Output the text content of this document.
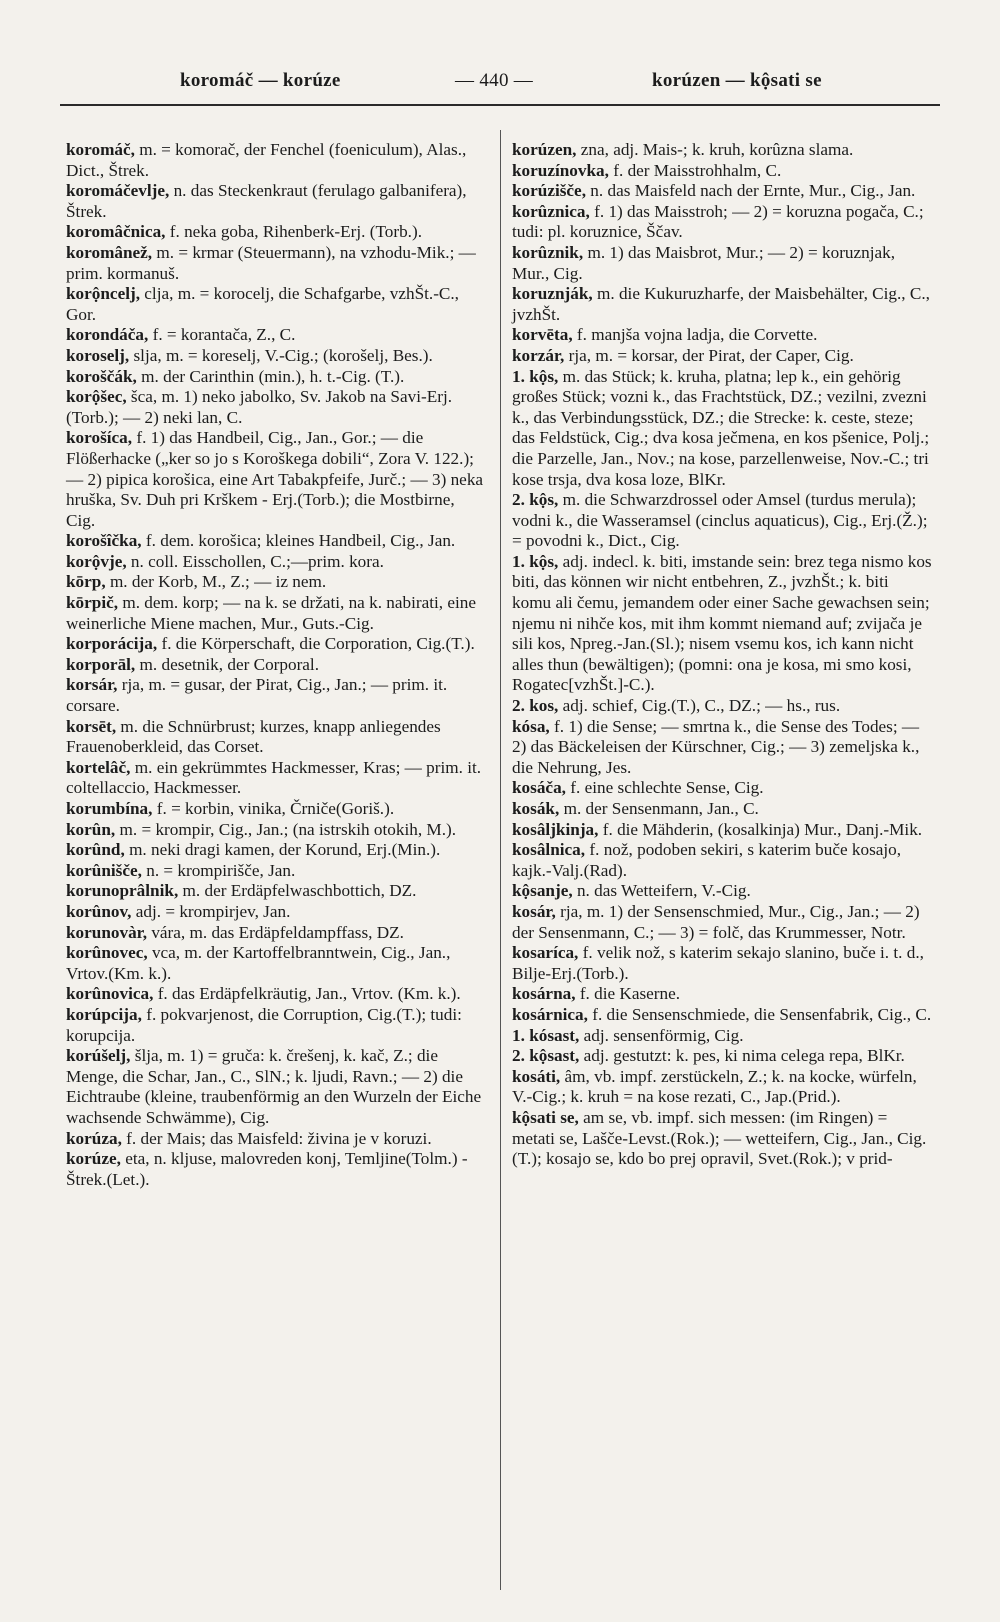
koromáč — korúze	— 440 —	korúzen — kộsati se

koromáč, m. = komorač, der Fenchel (foeniculum), Alas., Dict., Štrek.

koromáčevlje, n. das Steckenkraut (ferulago galbanifera), Štrek.

koromâčnica, f. neka goba, Rihenberk-Erj. (Torb.).

koromânež, m. = krmar (Steuermann), na vzhodu-Mik.; — prim. kormanuš.

korộncelj, clja, m. = korocelj, die Schafgarbe, vzhŠt.-C., Gor.

korondáča, f. = korantača, Z., C.

koroselj, slja, m. = koreselj, V.-Cig.; (korošelj, Bes.).

koroščák, m. der Carinthin (min.), h. t.-Cig. (T.).

korộšec, šca, m. 1) neko jabolko, Sv. Jakob na Savi-Erj.(Torb.); — 2) neki lan, C.

korošíca, f. 1) das Handbeil, Cig., Jan., Gor.; — die Flößerhacke („ker so jo s Koroškega dobili“, Zora V. 122.); — 2) pipica korošica, eine Art Tabakpfeife, Jurč.; — 3) neka hruška, Sv. Duh pri Krškem - Erj.(Torb.); die Mostbirne, Cig.

korošîčka, f. dem. korošica; kleines Handbeil, Cig., Jan.

korộvje, n. coll. Eisschollen, C.;—prim. kora.

kōrp, m. der Korb, M., Z.; — iz nem.

kōrpič, m. dem. korp; — na k. se držati, na k. nabirati, eine weinerliche Miene machen, Mur., Guts.-Cig.

korporácija, f. die Körperschaft, die Corporation, Cig.(T.).

korporāl, m. desetnik, der Corporal.

korsár, rja, m. = gusar, der Pirat, Cig., Jan.; — prim. it. corsare.

korsēt, m. die Schnürbrust; kurzes, knapp anliegendes Frauenoberkleid, das Corset.

kortelâč, m. ein gekrümmtes Hackmesser, Kras; — prim. it. coltellaccio, Hackmesser.

korumbína, f. = korbin, vinika, Črniče(Goriš.).

korûn, m. = krompir, Cig., Jan.; (na istrskih otokih, M.).

korûnd, m. neki dragi kamen, der Korund, Erj.(Min.).

korûnišče, n. = krompirišče, Jan.

korunoprâlnik, m. der Erdäpfelwaschbottich, DZ.

korûnov, adj. = krompirjev, Jan.

korunovàr, vára, m. das Erdäpfeldampffass, DZ.

korûnovec, vca, m. der Kartoffelbranntwein, Cig., Jan., Vrtov.(Km. k.).

korûnovica, f. das Erdäpfelkräutig, Jan., Vrtov. (Km. k.).

korúpcija, f. pokvarjenost, die Corruption, Cig.(T.); tudi: korupcija.

korúšelj, šlja, m. 1) = gruča: k. črešenj, k. kač, Z.; die Menge, die Schar, Jan., C., SlN.; k. ljudi, Ravn.; — 2) die Eichtraube (kleine, traubenförmig an den Wurzeln der Eiche wachsende Schwämme), Cig.

korúza, f. der Mais; das Maisfeld: živina je v koruzi.

korúze, eta, n. kljuse, malovreden konj, Temljine(Tolm.) - Štrek.(Let.).

korúzen, zna, adj. Mais-; k. kruh, korûzna slama.

koruzínovka, f. der Maisstrohhalm, C.

korúzišče, n. das Maisfeld nach der Ernte, Mur., Cig., Jan.

korûznica, f. 1) das Maisstroh; — 2) = koruzna pogača, C.; tudi: pl. koruznice, Ščav.

korûznik, m. 1) das Maisbrot, Mur.; — 2) = koruznjak, Mur., Cig.

koruznják, m. die Kukuruzharfe, der Maisbehälter, Cig., C., jvzhŠt.

korvēta, f. manjša vojna ladja, die Corvette.

korzár, rja, m. = korsar, der Pirat, der Caper, Cig.

1. kộs, m. das Stück; k. kruha, platna; lep k., ein gehörig großes Stück; vozni k., das Frachtstück, DZ.; vezilni, zvezni k., das Verbindungsstück, DZ.; die Strecke: k. ceste, steze; das Feldstück, Cig.; dva kosa ječmena, en kos pšenice, Polj.; die Parzelle, Jan., Nov.; na kose, parzellenweise, Nov.-C.; tri kose trsja, dva kosa loze, BlKr.

2. kộs, m. die Schwarzdrossel oder Amsel (turdus merula); vodni k., die Wasseramsel (cinclus aquaticus), Cig., Erj.(Ž.); = povodni k., Dict., Cig.

1. kộs, adj. indecl. k. biti, imstande sein: brez tega nismo kos biti, das können wir nicht entbehren, Z., jvzhŠt.; k. biti komu ali čemu, jemandem oder einer Sache gewachsen sein; njemu ni nihče kos, mit ihm kommt niemand auf; zvijača je sili kos, Npreg.-Jan.(Sl.); nisem vsemu kos, ich kann nicht alles thun (bewältigen); (pomni: ona je kosa, mi smo kosi, Rogatec[vzhŠt.]-C.).

2. kos, adj. schief, Cig.(T.), C., DZ.; — hs., rus.

kósa, f. 1) die Sense; — smrtna k., die Sense des Todes; — 2) das Bäckeleisen der Kürschner, Cig.; — 3) zemeljska k., die Nehrung, Jes.

kosáča, f. eine schlechte Sense, Cig.

kosák, m. der Sensenmann, Jan., C.

kosâljkinja, f. die Mähderin, (kosalkinja) Mur., Danj.-Mik.

kosâlnica, f. nož, podoben sekiri, s katerim buče kosajo, kajk.-Valj.(Rad).

kộsanje, n. das Wetteifern, V.-Cig.

kosár, rja, m. 1) der Sensenschmied, Mur., Cig., Jan.; — 2) der Sensenmann, C.; — 3) = folč, das Krummesser, Notr.

kosaríca, f. velik nož, s katerim sekajo slanino, buče i. t. d., Bilje-Erj.(Torb.).

kosárna, f. die Kaserne.

kosárnica, f. die Sensenschmiede, die Sensenfabrik, Cig., C.

1. kósast, adj. sensenförmig, Cig.

2. kộsast, adj. gestutzt: k. pes, ki nima celega repa, BlKr.

kosáti, âm, vb. impf. zerstückeln, Z.; k. na kocke, würfeln, V.-Cig.; k. kruh = na kose rezati, C., Jap.(Prid.).

kộsati se, am se, vb. impf. sich messen: (im Ringen) = metati se, Lašče-Levst.(Rok.); — wetteifern, Cig., Jan., Cig.(T.); kosajo se, kdo bo prej opravil, Svet.(Rok.); v prid-
